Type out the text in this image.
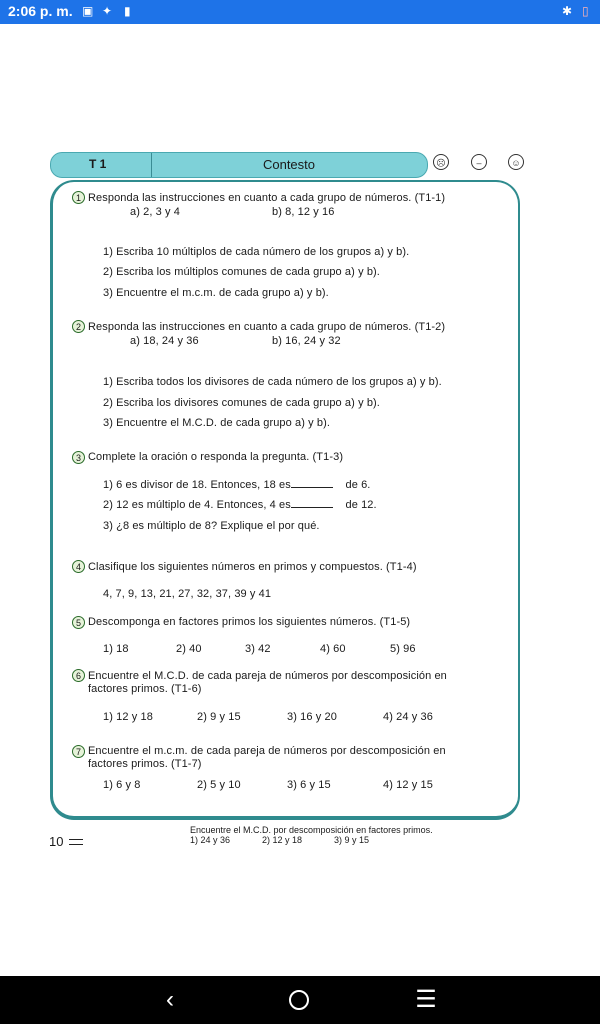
2:06 p. m. ▣ ✦ ▮	✱ ▯
T 1	Contesto	☹	–	☺
1 Responda las instrucciones en cuanto a cada grupo de números. (T1-1)
a) 2, 3 y 4	b) 8, 12 y 16
1) Escriba 10 múltiplos de cada número de los grupos a) y b).
2) Escriba los múltiplos comunes de cada grupo a) y b).
3) Encuentre el m.c.m. de cada grupo a) y b).
2 Responda las instrucciones en cuanto a cada grupo de números. (T1-2)
a) 18, 24 y 36	b) 16, 24 y 32
1) Escriba todos los divisores de cada número de los grupos a) y b).
2) Escriba los divisores comunes de cada grupo a) y b).
3) Encuentre el M.C.D. de cada grupo a) y b).
3 Complete la oración o responda la pregunta. (T1-3)
1) 6 es divisor de 18. Entonces, 18 es	de 6.
2) 12 es múltiplo de 4. Entonces, 4 es	de 12.
3) ¿8 es múltiplo de 8? Explique el por qué.
4 Clasifique los siguientes números en primos y compuestos. (T1-4)
4, 7, 9, 13, 21, 27, 32, 37, 39 y 41
5 Descomponga en factores primos los siguientes números. (T1-5)
1) 18	2) 40	3) 42	4) 60	5) 96
6 Encuentre el M.C.D. de cada pareja de números por descomposición en
factores primos. (T1-6)
1) 12 y 18	2) 9 y 15	3) 16 y 20	4) 24 y 36
7 Encuentre el m.c.m. de cada pareja de números por descomposición en
factores primos. (T1-7)
1) 6 y 8	2) 5 y 10	3) 6 y 15	4) 12 y 15
10
Encuentre el M.C.D. por descomposición en factores primos.
1) 24 y 36	2) 12 y 18	3) 9 y 15
‹	☰
